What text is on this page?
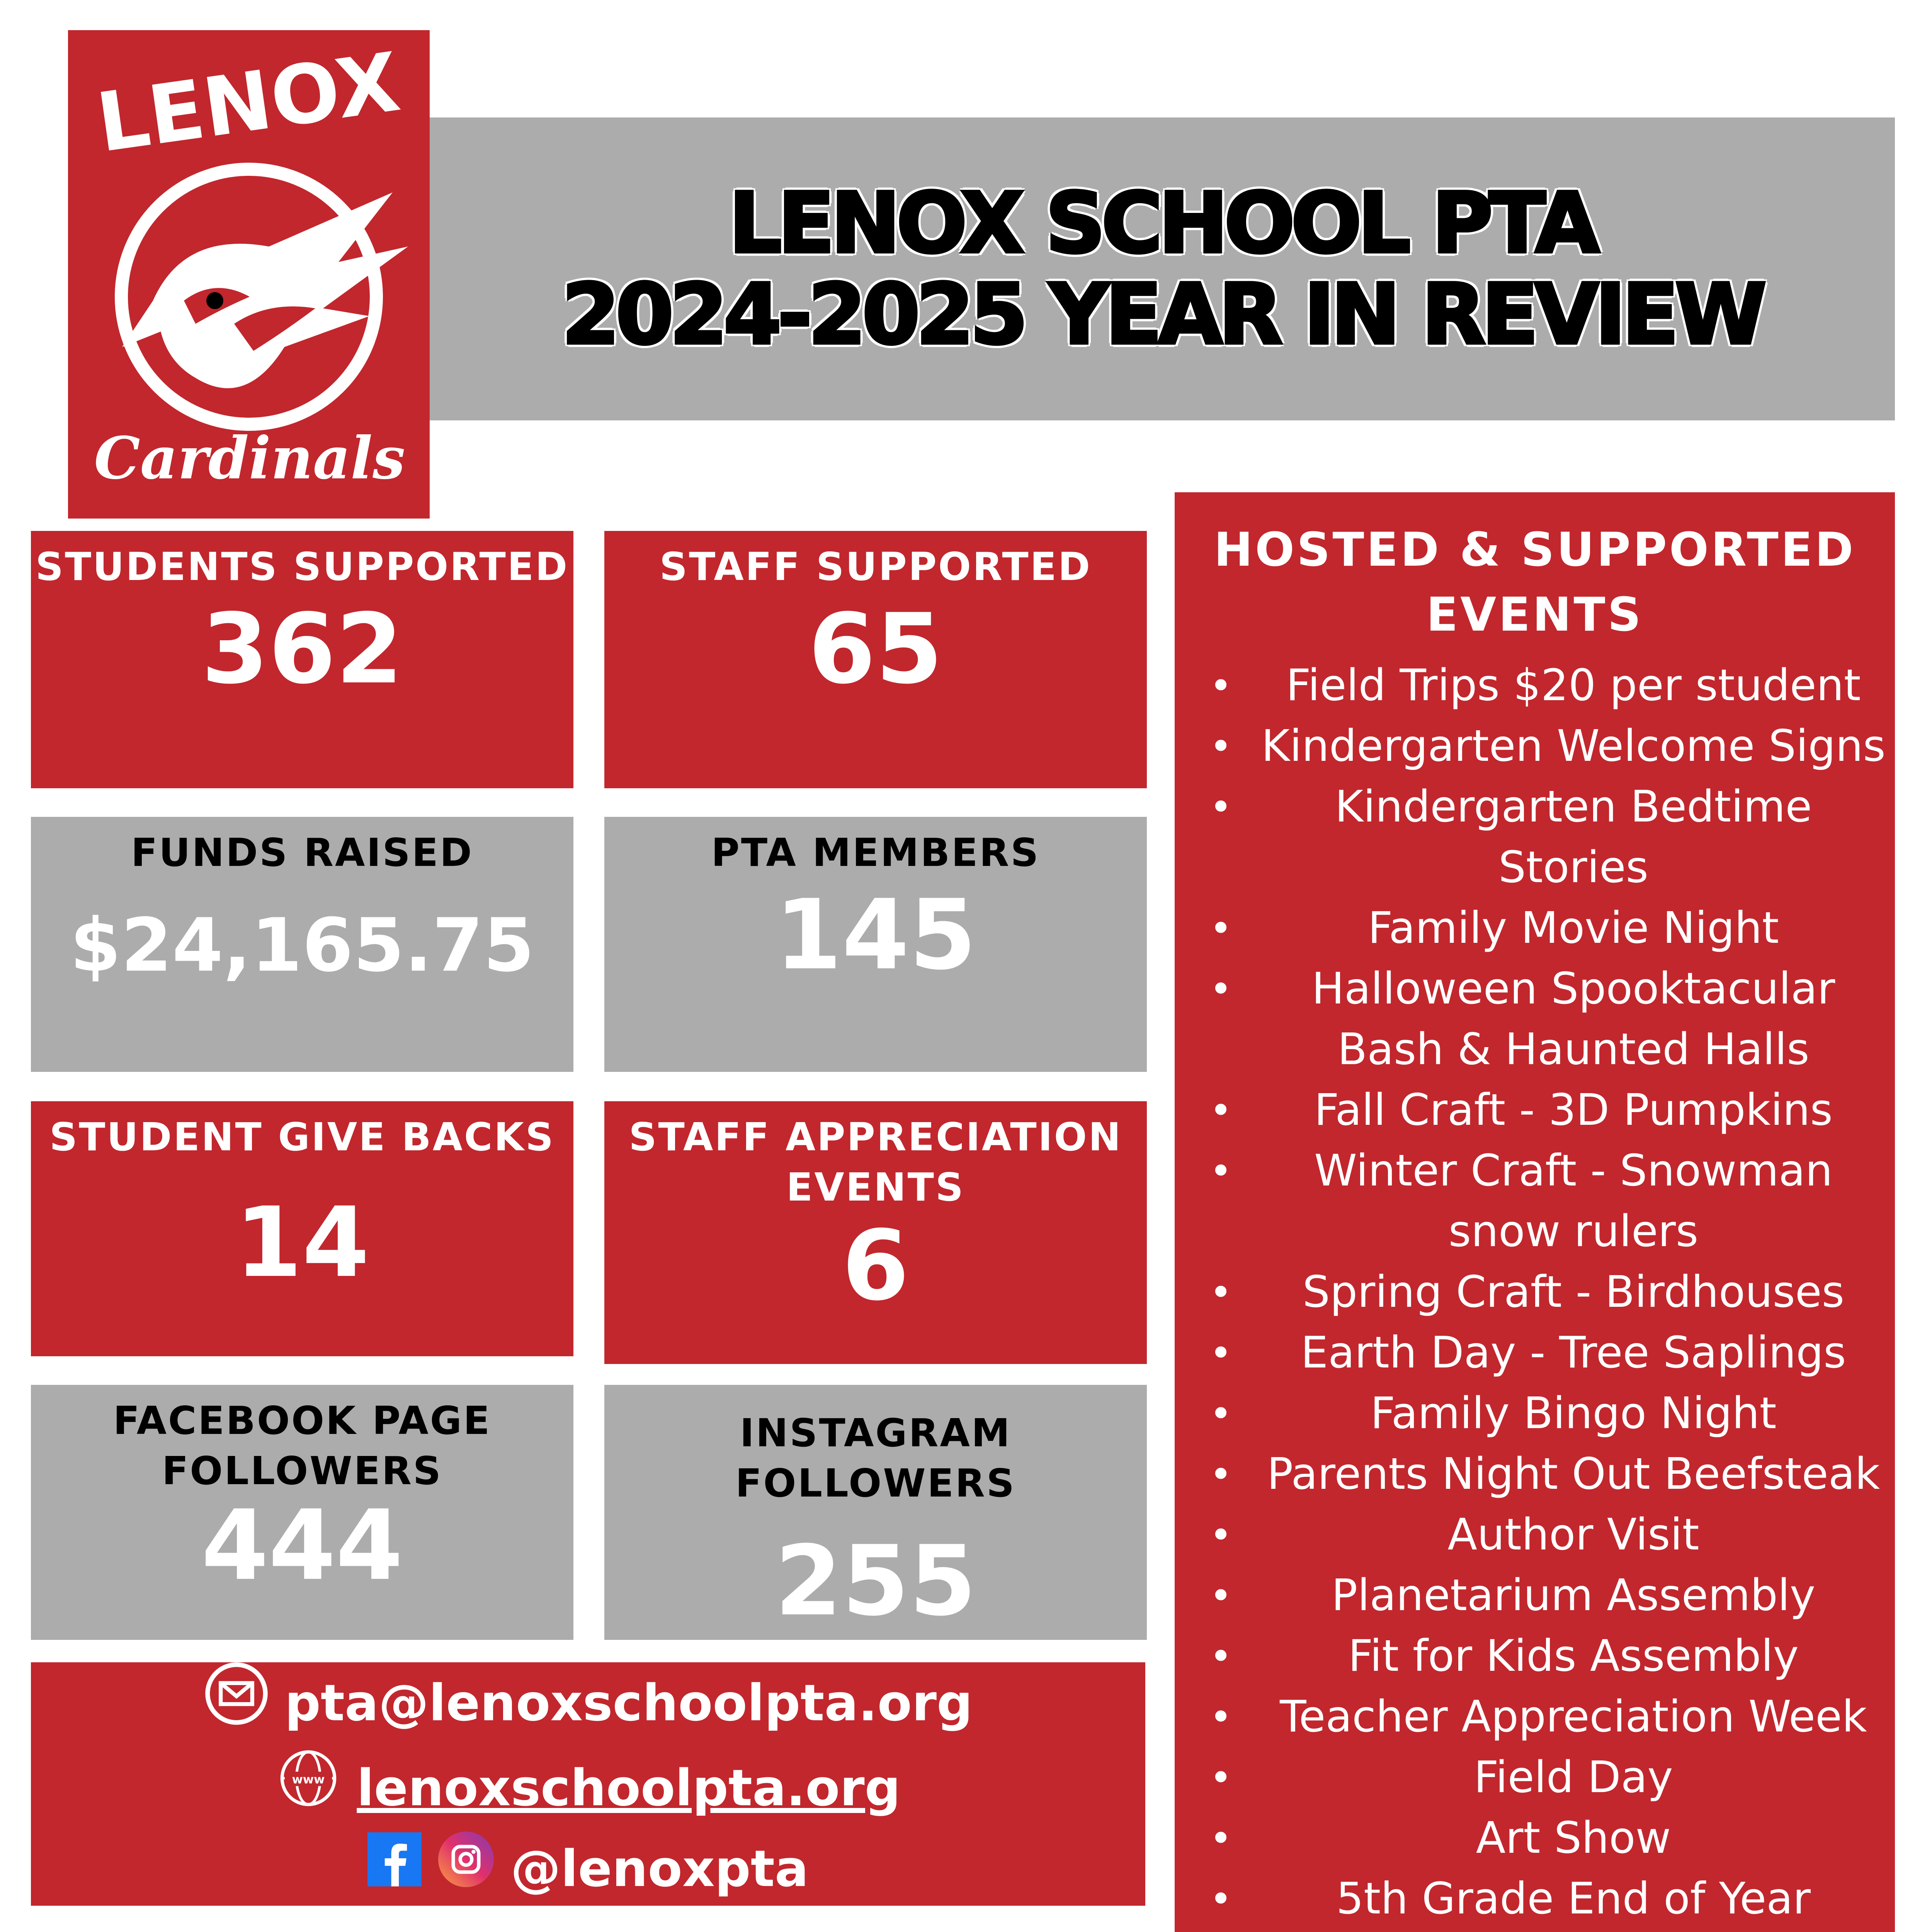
LENOX
Cardinals
LENOX SCHOOL PTA
2024-2025 YEAR IN REVIEW
STUDENTS SUPPORTED
362
STAFF SUPPORTED
65
FUNDS RAISED
$24,165.75
PTA MEMBERS
145
STUDENT GIVE BACKS
14
STAFF APPRECIATION
EVENTS
6
FACEBOOK PAGE
FOLLOWERS
444
INSTAGRAM FOLLOWERS
255
HOSTED & SUPPORTED
EVENTS
• Field Trips $20 per student
• Kindergarten Welcome Signs
• Kindergarten Bedtime Stories
•	Family Movie Night
• Halloween Spooktacular Bash & Haunted Halls
• Fall Craft - 3D Pumpkins
• Winter Craft - Snowman snow rulers
• Spring Craft - Birdhouses
• Earth Day - Tree Saplings
•	Family Bingo Night
• Parents Night Out Beefsteak
•	Author Visit
• Planetarium Assembly
•	Fit for Kids Assembly
• Teacher Appreciation Week
•	Field Day
•	Art Show
• 5th Grade End of Year
pta@lenoxschoolpta.org
www lenoxschoolpta.org
@lenoxpta
